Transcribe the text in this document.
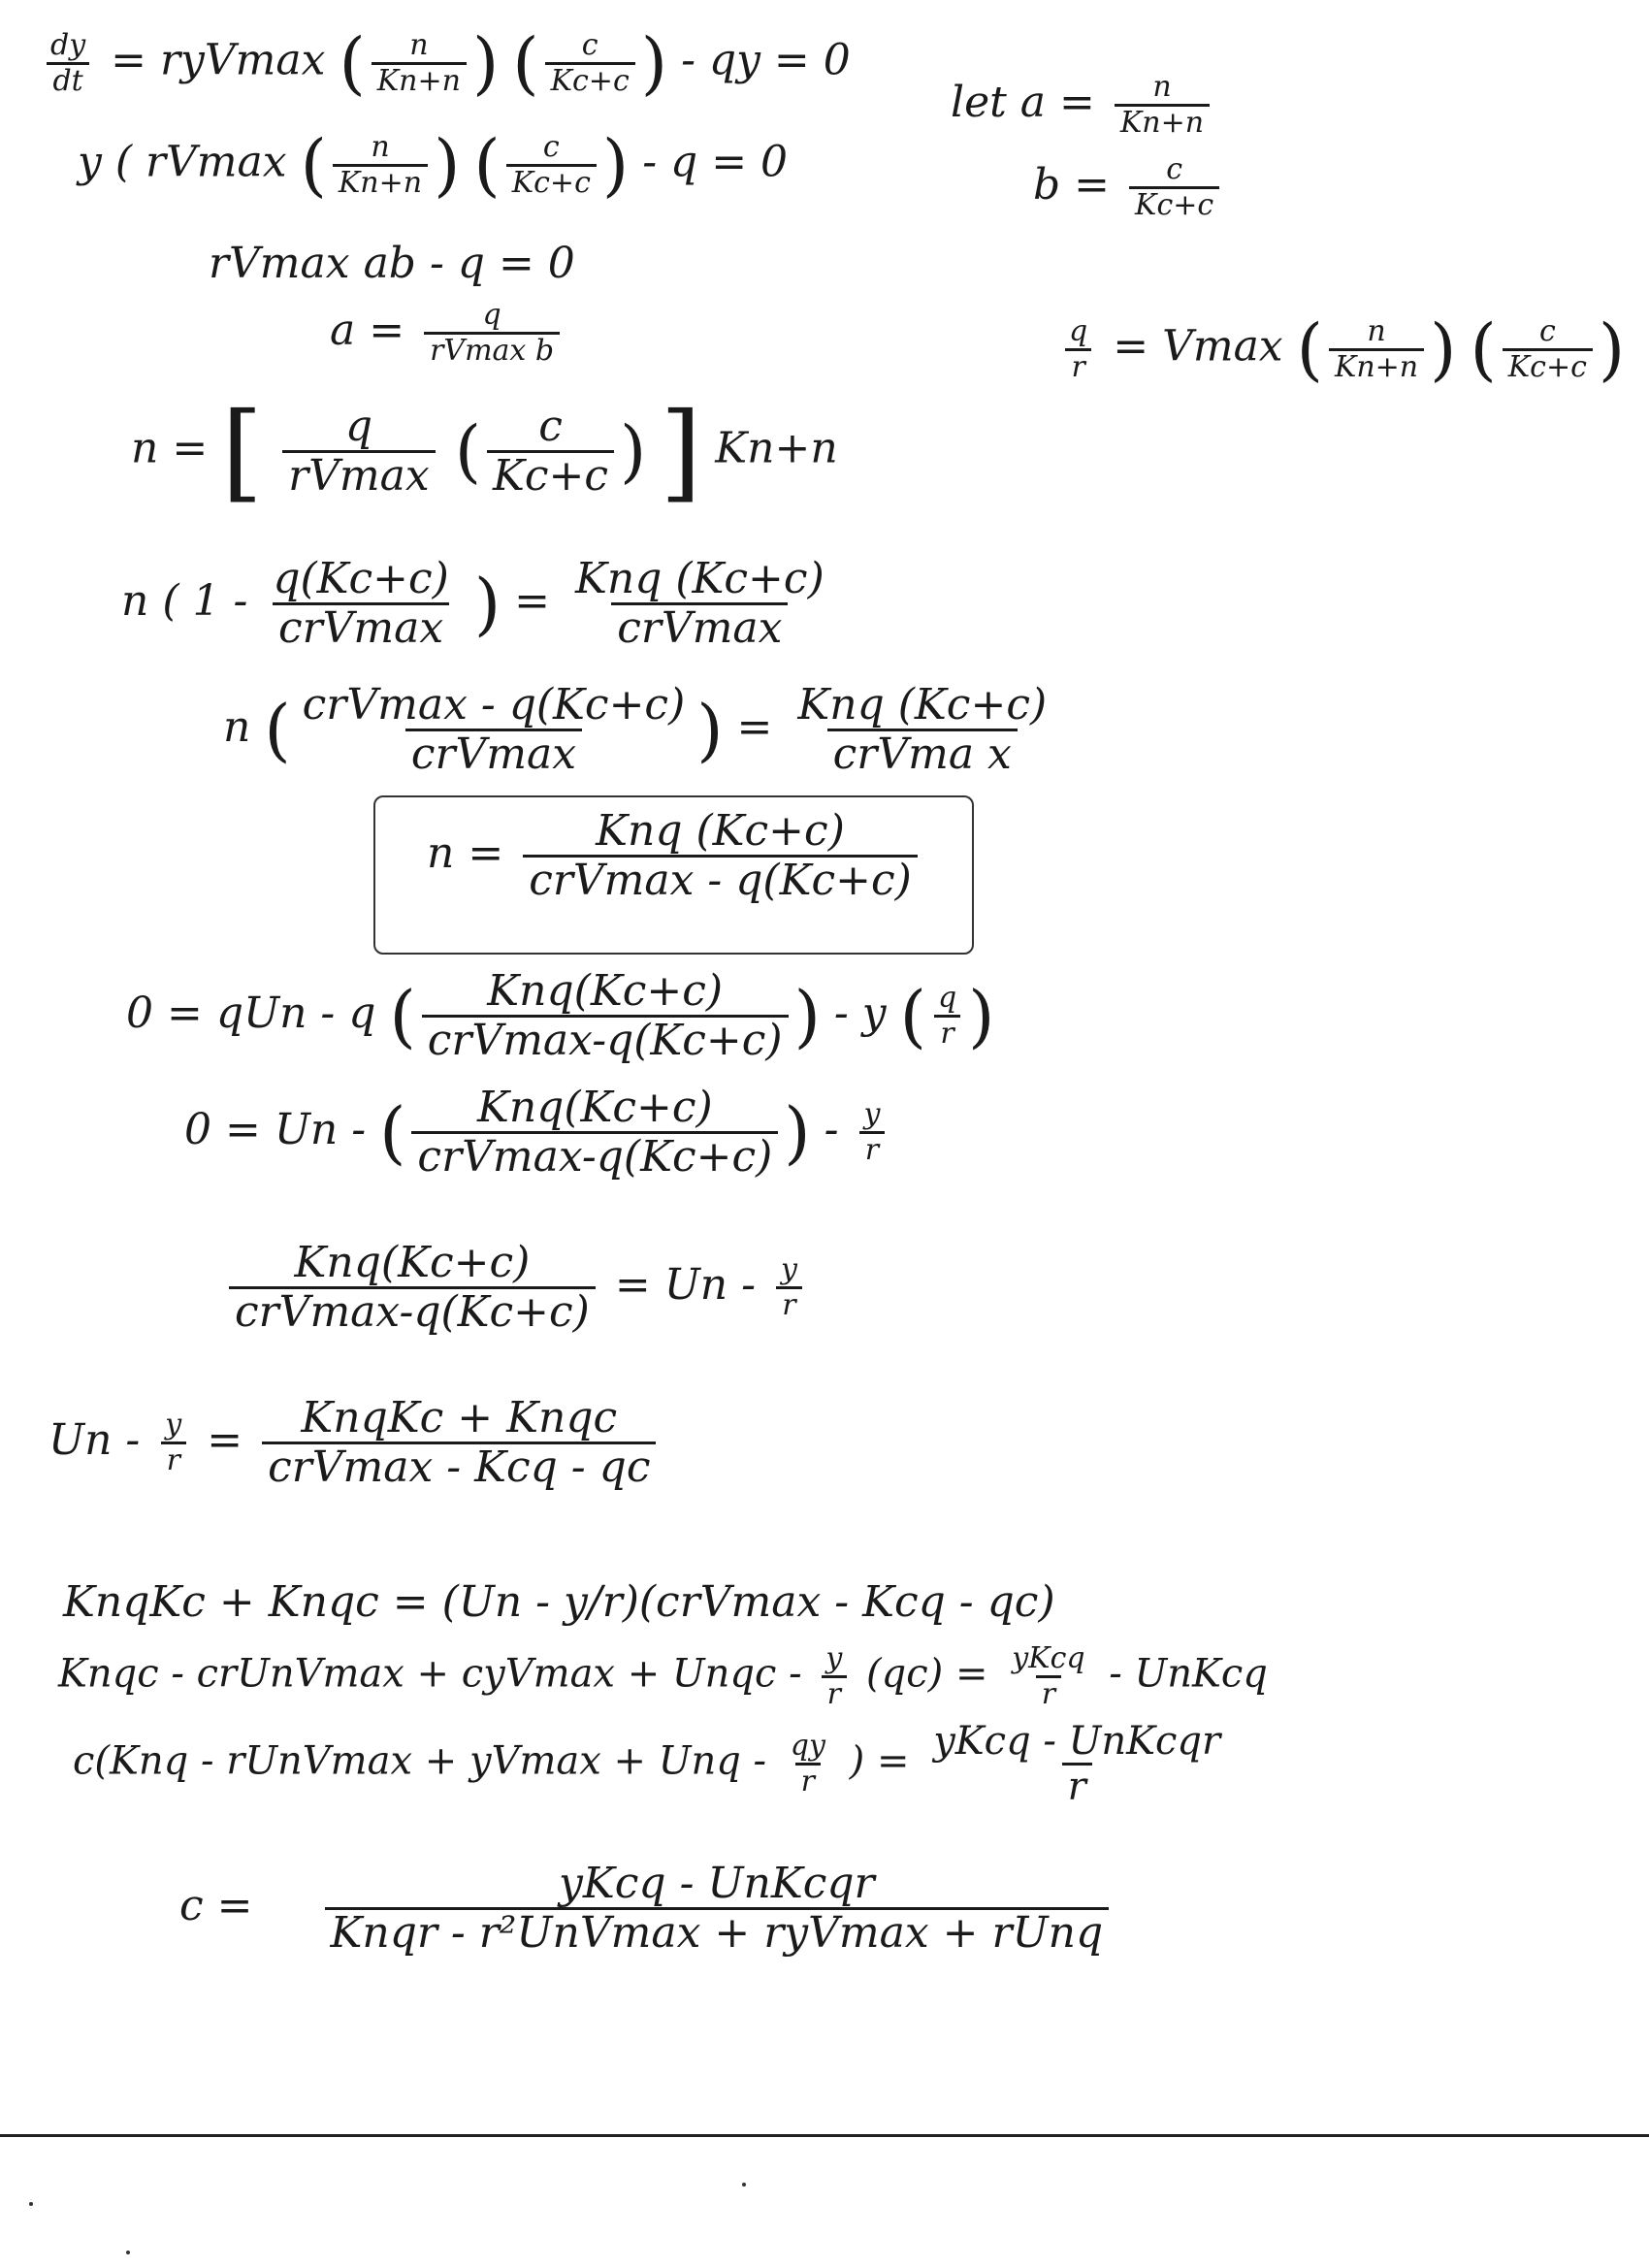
$\frac{dy}{dt} = ryVmax$ ( $\frac{n}{Kn+n}$ ) ( $\frac{c}{Kc+c}$ ) - qy = 0
y ( rVmax ( $\frac{n}{Kn+n}$ ) ( $\frac{c}{Kc+c}$ ) - q = 0
let $a = \frac{n}{Kn+n}$
$b = \frac{c}{Kc+c}$
rVmax ab - q = 0
$a = \frac{q}{\text{rVmax b}}$	$\frac{q}{r} = Vmax$ ( $\frac{n}{Kn+n}$ ) ( $\frac{c}{Kc+c}$ )
n = [ $\frac{q}{rVmax}$ ( $\frac{c}{Kc+c}$ ) ] Kn+n
n ( $1 - \frac{q(Kc+c)}{\text{crVmax}}$ ) = $\frac{\text{Knq (Kc+c)}}{\text{crVmax}}$
n ( $\frac{\text{crVmax - q(Kc+c)}}{\text{crVmax}}$ ) = $\frac{\text{Knq (Kc+c)}}{\text{crVma x}}$
$n = \frac{\text{Knq (Kc+c)}}{\text{crVmax - q(Kc+c)}}$
0 = qUn - q ( $\frac{\text{Knq(Kc+c)}}{\text{crVmax-q(Kc+c)}}$ ) - y ( $\frac{q}{r}$ )
0 = Un - ( $\frac{\text{Knq(Kc+c)}}{\text{crVmax-q(Kc+c)}}$ ) - $\frac{y}{r}$
$\frac{\text{Knq(Kc+c)}}{\text{crVmax-q(Kc+c)}} = Un - \frac{y}{r}$
$Un - \frac{y}{r} = \frac{\text{KnqKc + Knqc}}{\text{crVmax - Kcq - qc}}$
KnqKc + Knqc = (Un - y/r)(crVmax - Kcq - qc)
Knqc - crUnVmax + cyVmax + Unqc - $\frac{y}{r} (qc) = \frac{\text{yKcq}}{r}$ - UnKcq
c(Knq - rUnVmax + yVmax + Unq - $\frac{qy}{r}$ ) = $\frac{\text{yKcq - UnKcqr}}{r}$
$c = \frac{\text{yKcq - UnKcqr}}{\text{Knqr - r²UnVmax + ryVmax + rUnq}}$
